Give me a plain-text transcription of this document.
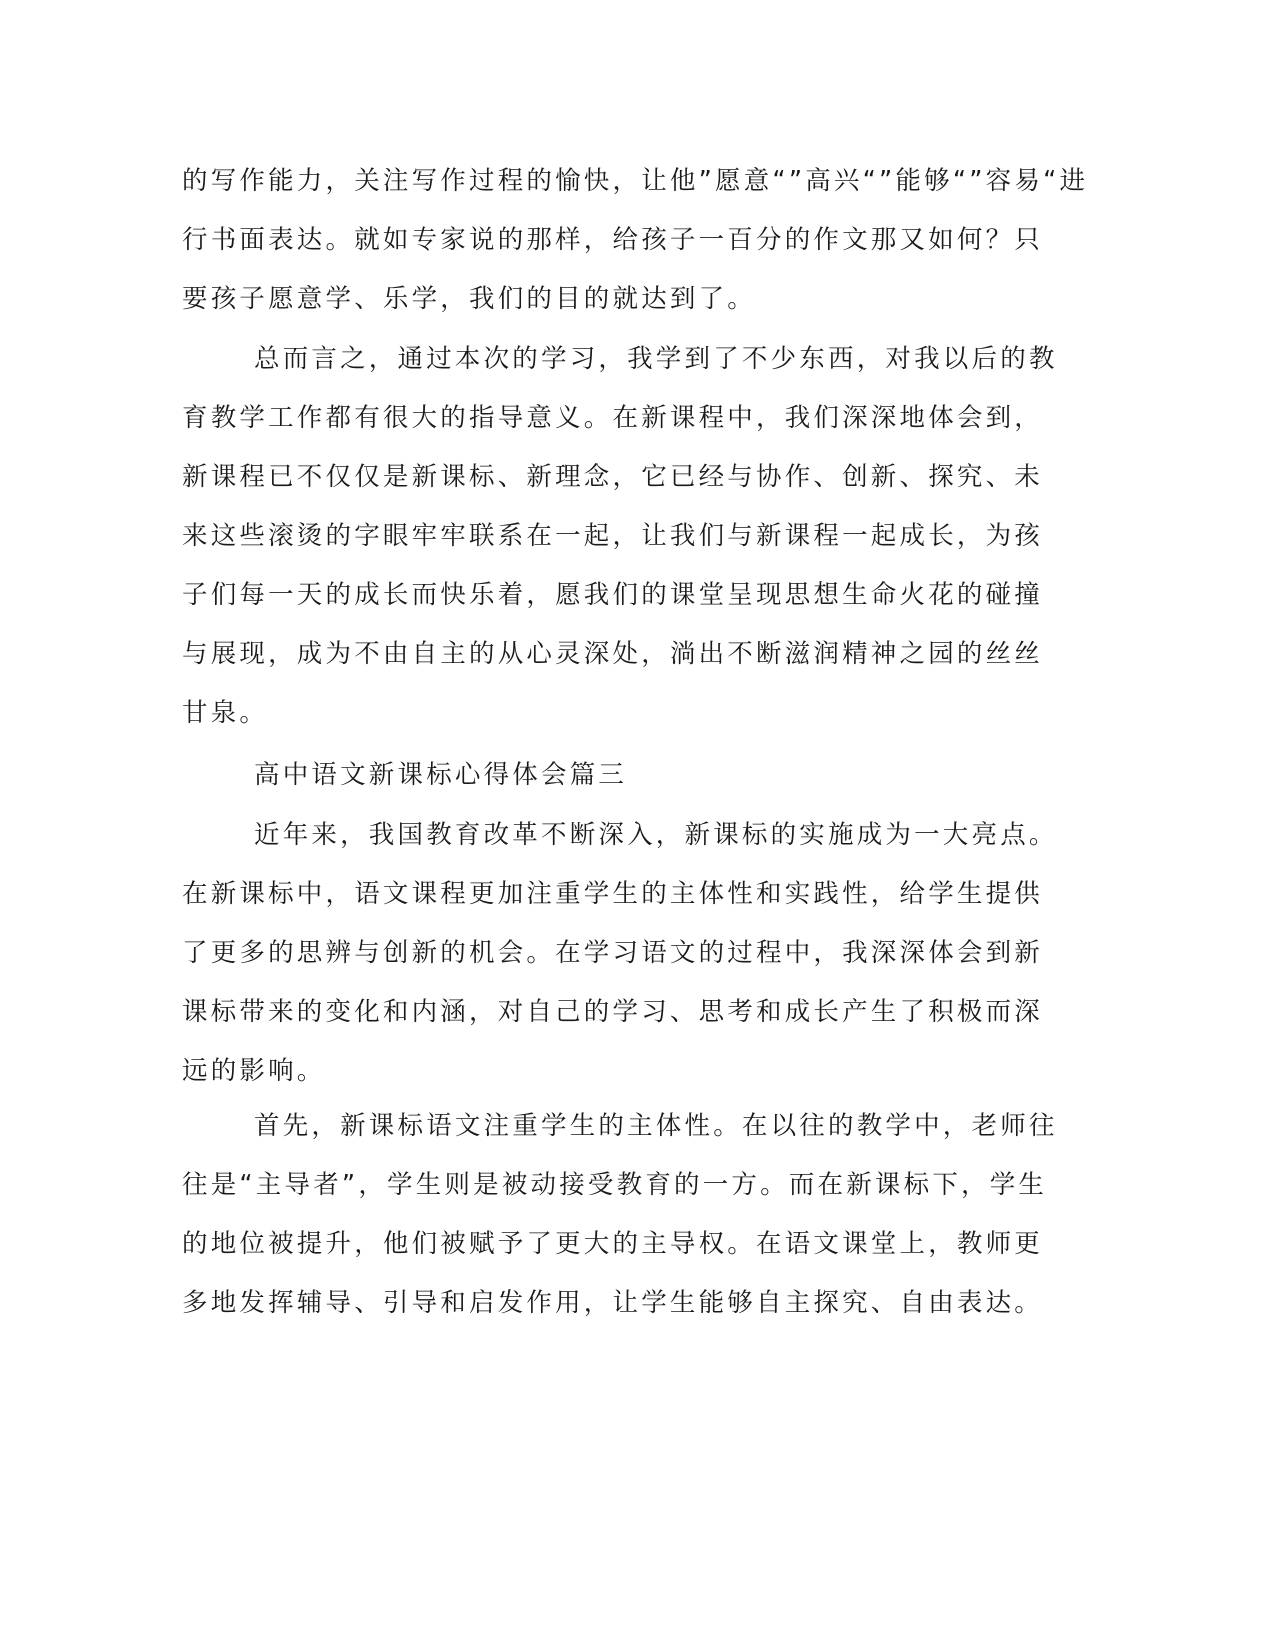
的写作能力，关注写作过程的愉快，让他”愿意“”高兴“”能够“”容易“进
行书面表达。就如专家说的那样，给孩子一百分的作文那又如何？只
要孩子愿意学、乐学，我们的目的就达到了。
总而言之，通过本次的学习，我学到了不少东西，对我以后的教
育教学工作都有很大的指导意义。在新课程中，我们深深地体会到，
新课程已不仅仅是新课标、新理念，它已经与协作、创新、探究、未
来这些滚烫的字眼牢牢联系在一起，让我们与新课程一起成长，为孩
子们每一天的成长而快乐着，愿我们的课堂呈现思想生命火花的碰撞
与展现，成为不由自主的从心灵深处，淌出不断滋润精神之园的丝丝
甘泉。
高中语文新课标心得体会篇三
近年来，我国教育改革不断深入，新课标的实施成为一大亮点。
在新课标中，语文课程更加注重学生的主体性和实践性，给学生提供
了更多的思辨与创新的机会。在学习语文的过程中，我深深体会到新
课标带来的变化和内涵，对自己的学习、思考和成长产生了积极而深
远的影响。
首先，新课标语文注重学生的主体性。在以往的教学中，老师往
往是“主导者”，学生则是被动接受教育的一方。而在新课标下，学生
的地位被提升，他们被赋予了更大的主导权。在语文课堂上，教师更
多地发挥辅导、引导和启发作用，让学生能够自主探究、自由表达。
